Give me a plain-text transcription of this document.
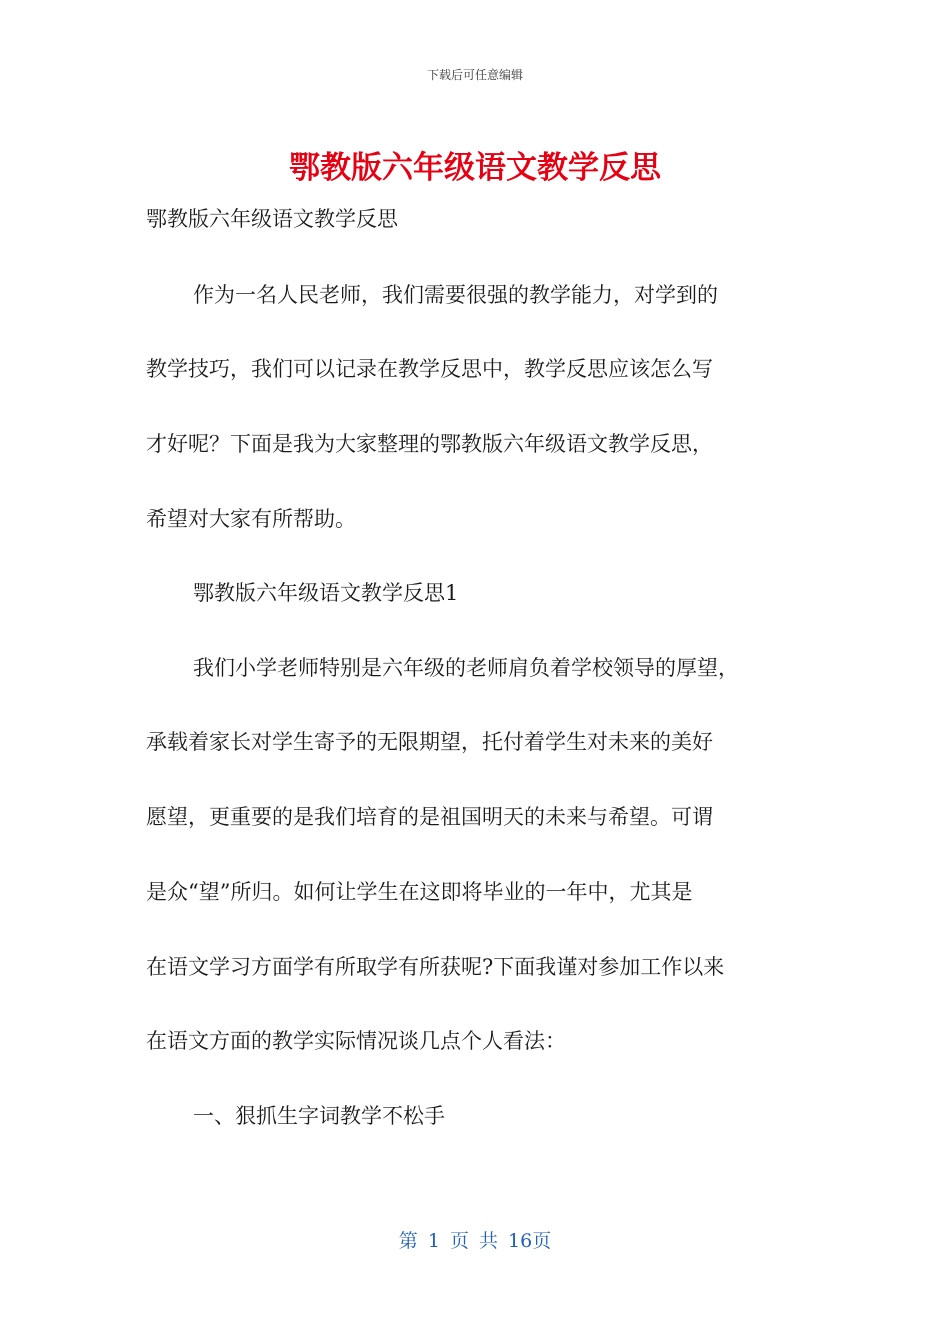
下载后可任意编辑
鄂教版六年级语文教学反思
鄂教版六年级语文教学反思
作为一名人民老师，我们需要很强的教学能力，对学到的
教学技巧，我们可以记录在教学反思中，教学反思应该怎么写
才好呢？下面是我为大家整理的鄂教版六年级语文教学反思，
希望对大家有所帮助。
鄂教版六年级语文教学反思1
我们小学老师特别是六年级的老师肩负着学校领导的厚望，
承载着家长对学生寄予的无限期望，托付着学生对未来的美好
愿望，更重要的是我们培育的是祖国明天的未来与希望。可谓
是众“望”所归。如何让学生在这即将毕业的一年中，尤其是
在语文学习方面学有所取学有所获呢?下面我谨对参加工作以来
在语文方面的教学实际情况谈几点个人看法：
一、狠抓生字词教学不松手
第 1 页 共 16页
